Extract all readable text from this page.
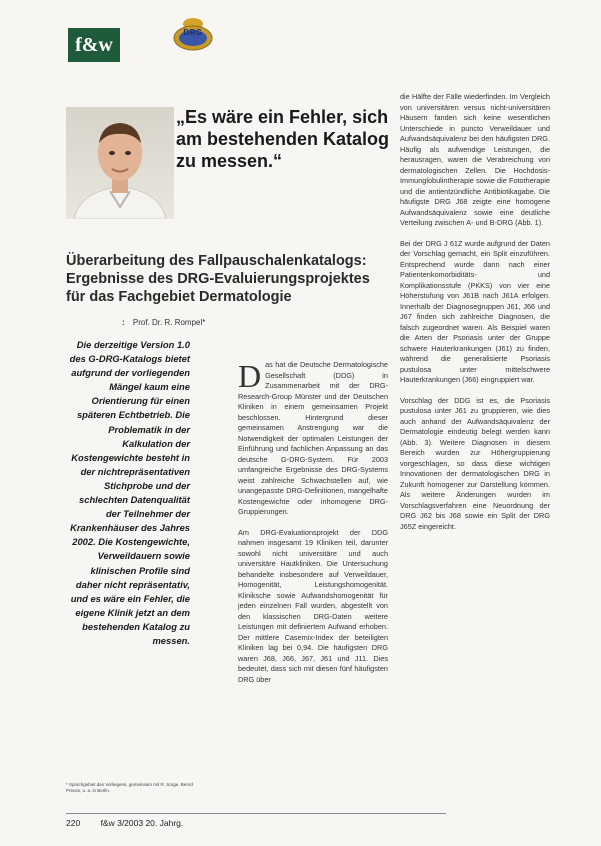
f&w
DRG
„Es wäre ein Fehler, sich am bestehenden Katalog zu messen.“
Überarbeitung des Fallpauschalenkatalogs: Ergebnisse des DRG-Evaluierungsprojektes für das Fachgebiet Dermatologie
: Prof. Dr. R. Rompel*
Die derzeitige Version 1.0 des G-DRG-Katalogs bietet aufgrund der vorliegenden Mängel kaum eine Orientierung für einen späteren Echtbetrieb. Die Problematik in der Kalkulation der Kostengewichte besteht in der nichtrepräsentativen Stichprobe und der schlechten Datenqualität der Teilnehmer der Krankenhäuser des Jahres 2002. Die Kostengewichte, Verweildauern sowie klinischen Profile sind daher nicht repräsentativ, und es wäre ein Fehler, die eigene Klinik jetzt an dem bestehenden Katalog zu messen.
* Sprachgebiet des Vorliegens, gemeinsam mit R. Sorge, Bernd Preuss, u. a. in Berlin.

Das hat die Deutsche Dermatologische Gesellschaft (DDG) in Zusammenarbeit mit der DRG-Research-Group Münster und der Deutschen Kliniken in einem gemeinsamen Projekt beschlossen. Hintergrund dieser gemeinsamen Anstrengung war die Notwendigkeit der optimalen Leistungen der Einführung und fachlichen Anpassung an das deutsche G-DRG-System. Für 2003 umfangreiche Ergebnisse des DRG-Systems weist zahlreiche Schwachstellen auf, wie unangepasste DRG-Definitionen, mangelhafte Kostengewichte oder inhomogene DRG-Gruppierungen.

Am DRG-Evaluationsprojekt der DDG nahmen insgesamt 19 Kliniken teil, darunter sowohl nicht universitäre und auch universitäre Hautkliniken. Die Untersuchung behandelte insbesondere auf Verweildauer, Homogenität, Leistungshomogenität. Kliniksche sowie Aufwandshomogenität für jeden einzelnen Fall wurden, abgestellt von den klassischen DRG-Daten weitere Leistungen mit definiertem Aufwand erhoben. Der mittlere Casemix-Index der beteiligten Kliniken lag bei 0,94. Die häufigsten DRG waren J68, J66, J67, J61 und J11. Dies bedeutet, dass sich mit diesen fünf häufigsten DRG über

die Hälfte der Fälle wiederfinden. Im Vergleich von universitären versus nicht-universitären Häusern fanden sich keine wesentlichen Unterschiede in puncto Verweildauer und Aufwandsäquivalenz bei den häufigsten DRG. Häufig als aufwendige Leistungen, die herausragen, waren die Verabreichung von dermatologischen Zellen. Die Hochdosis-Immunglobulintherapie sowie die Fototherapie und die antientzündliche Antibiotikagabe. Die häufigste DRG J68 zeigte eine homogene Aufwandsäquivalenz sowie eine deutliche Verteilung zwischen A- und B-DRG (Abb. 1).

Bei der DRG J 61Z wurde aufgrund der Daten der Vorschlag gemacht, ein Split einzuführen. Entsprechend wurde dann nach einer Patientenkomorbiditäts- und Komplikationsstufe (PKKS) von vier eine Höherstufung von J61B nach J61A erfolgen. Innerhalb der Diagnosegruppen J61, J66 und J67 finden sich zahlreiche Diagnosen, die falsch zugeordnet waren. Als Beispiel waren die Arten der Psoriasis unter der Gruppe schwere Hauterkrankungen (J61) zu finden, während die generalisierte Psoriasis pustulosa unter mittelschwere Hauterkrankungen (J66) eingruppiert war.

Vorschlag der DDG ist es, die Psoriasis pustulosa unter J61 zu gruppieren, wie dies auch anhand der Aufwandsäquivalenz der Dermatologie eindeutig belegt werden kann (Abb. 3). Weitere Diagnosen in diesem Bereich wurden zur Höhergruppierung vorgeschlagen, so dass diese wichtigen Innovationen der dermatologischen DRG in Zukunft homogener zur Darstellung kommen. Als weitere Änderungen wurden im Vorschlagsverfahren eine Neuordnung der DRG J62 bis J68 sowie ein Split der DRG J65Z eingereicht.

220 f&w 3/2003 20. Jahrg.
